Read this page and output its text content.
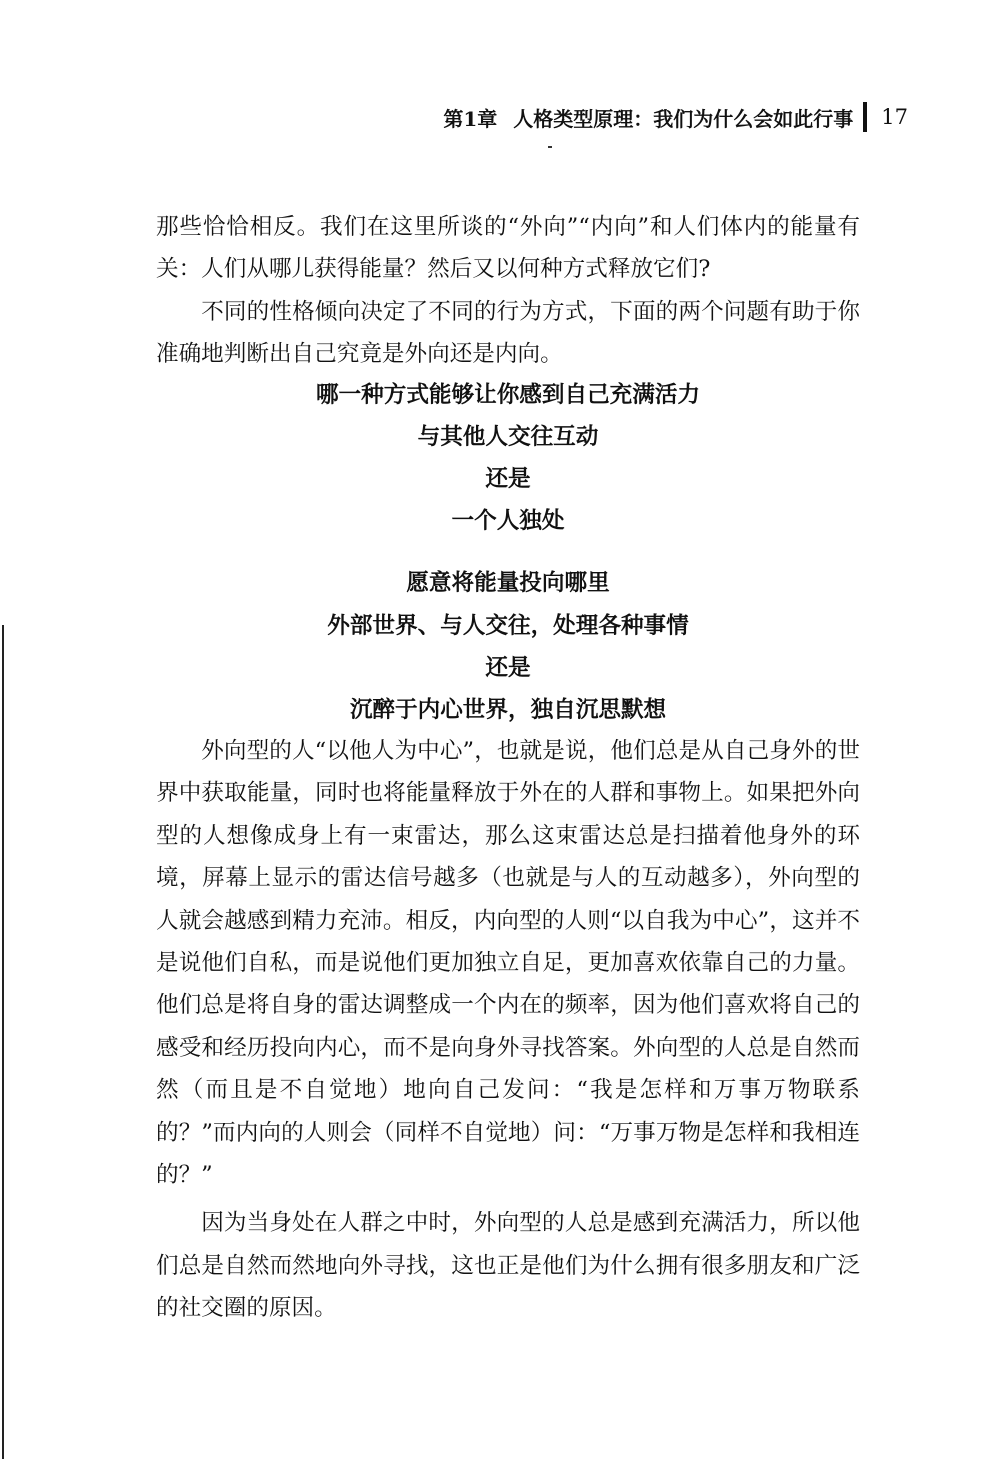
第1章 人格类型原理：我们为什么会如此行事 17

那些恰恰相反。我们在这里所谈的“外向”“内向”和人们体内的能量有关：人们从哪儿获得能量？然后又以何种方式释放它们?

不同的性格倾向决定了不同的行为方式，下面的两个问题有助于你准确地判断出自己究竟是外向还是内向。

哪一种方式能够让你感到自己充满活力
与其他人交往互动
还是
一个人独处
愿意将能量投向哪里
外部世界、与人交往，处理各种事情
还是
沉醉于内心世界，独自沉思默想

外向型的人“以他人为中心”，也就是说，他们总是从自己身外的世界中获取能量，同时也将能量释放于外在的人群和事物上。如果把外向型的人想像成身上有一束雷达，那么这束雷达总是扫描着他身外的环境，屏幕上显示的雷达信号越多（也就是与人的互动越多），外向型的人就会越感到精力充沛。相反，内向型的人则“以自我为中心”，这并不是说他们自私，而是说他们更加独立自足，更加喜欢依靠自己的力量。他们总是将自身的雷达调整成一个内在的频率，因为他们喜欢将自己的感受和经历投向内心，而不是向身外寻找答案。外向型的人总是自然而然（而且是不自觉地）地向自己发问：“我是怎样和万事万物联系的？”而内向的人则会（同样不自觉地）问：“万事万物是怎样和我相连的？”

因为当身处在人群之中时，外向型的人总是感到充满活力，所以他们总是自然而然地向外寻找，这也正是他们为什么拥有很多朋友和广泛的社交圈的原因。
